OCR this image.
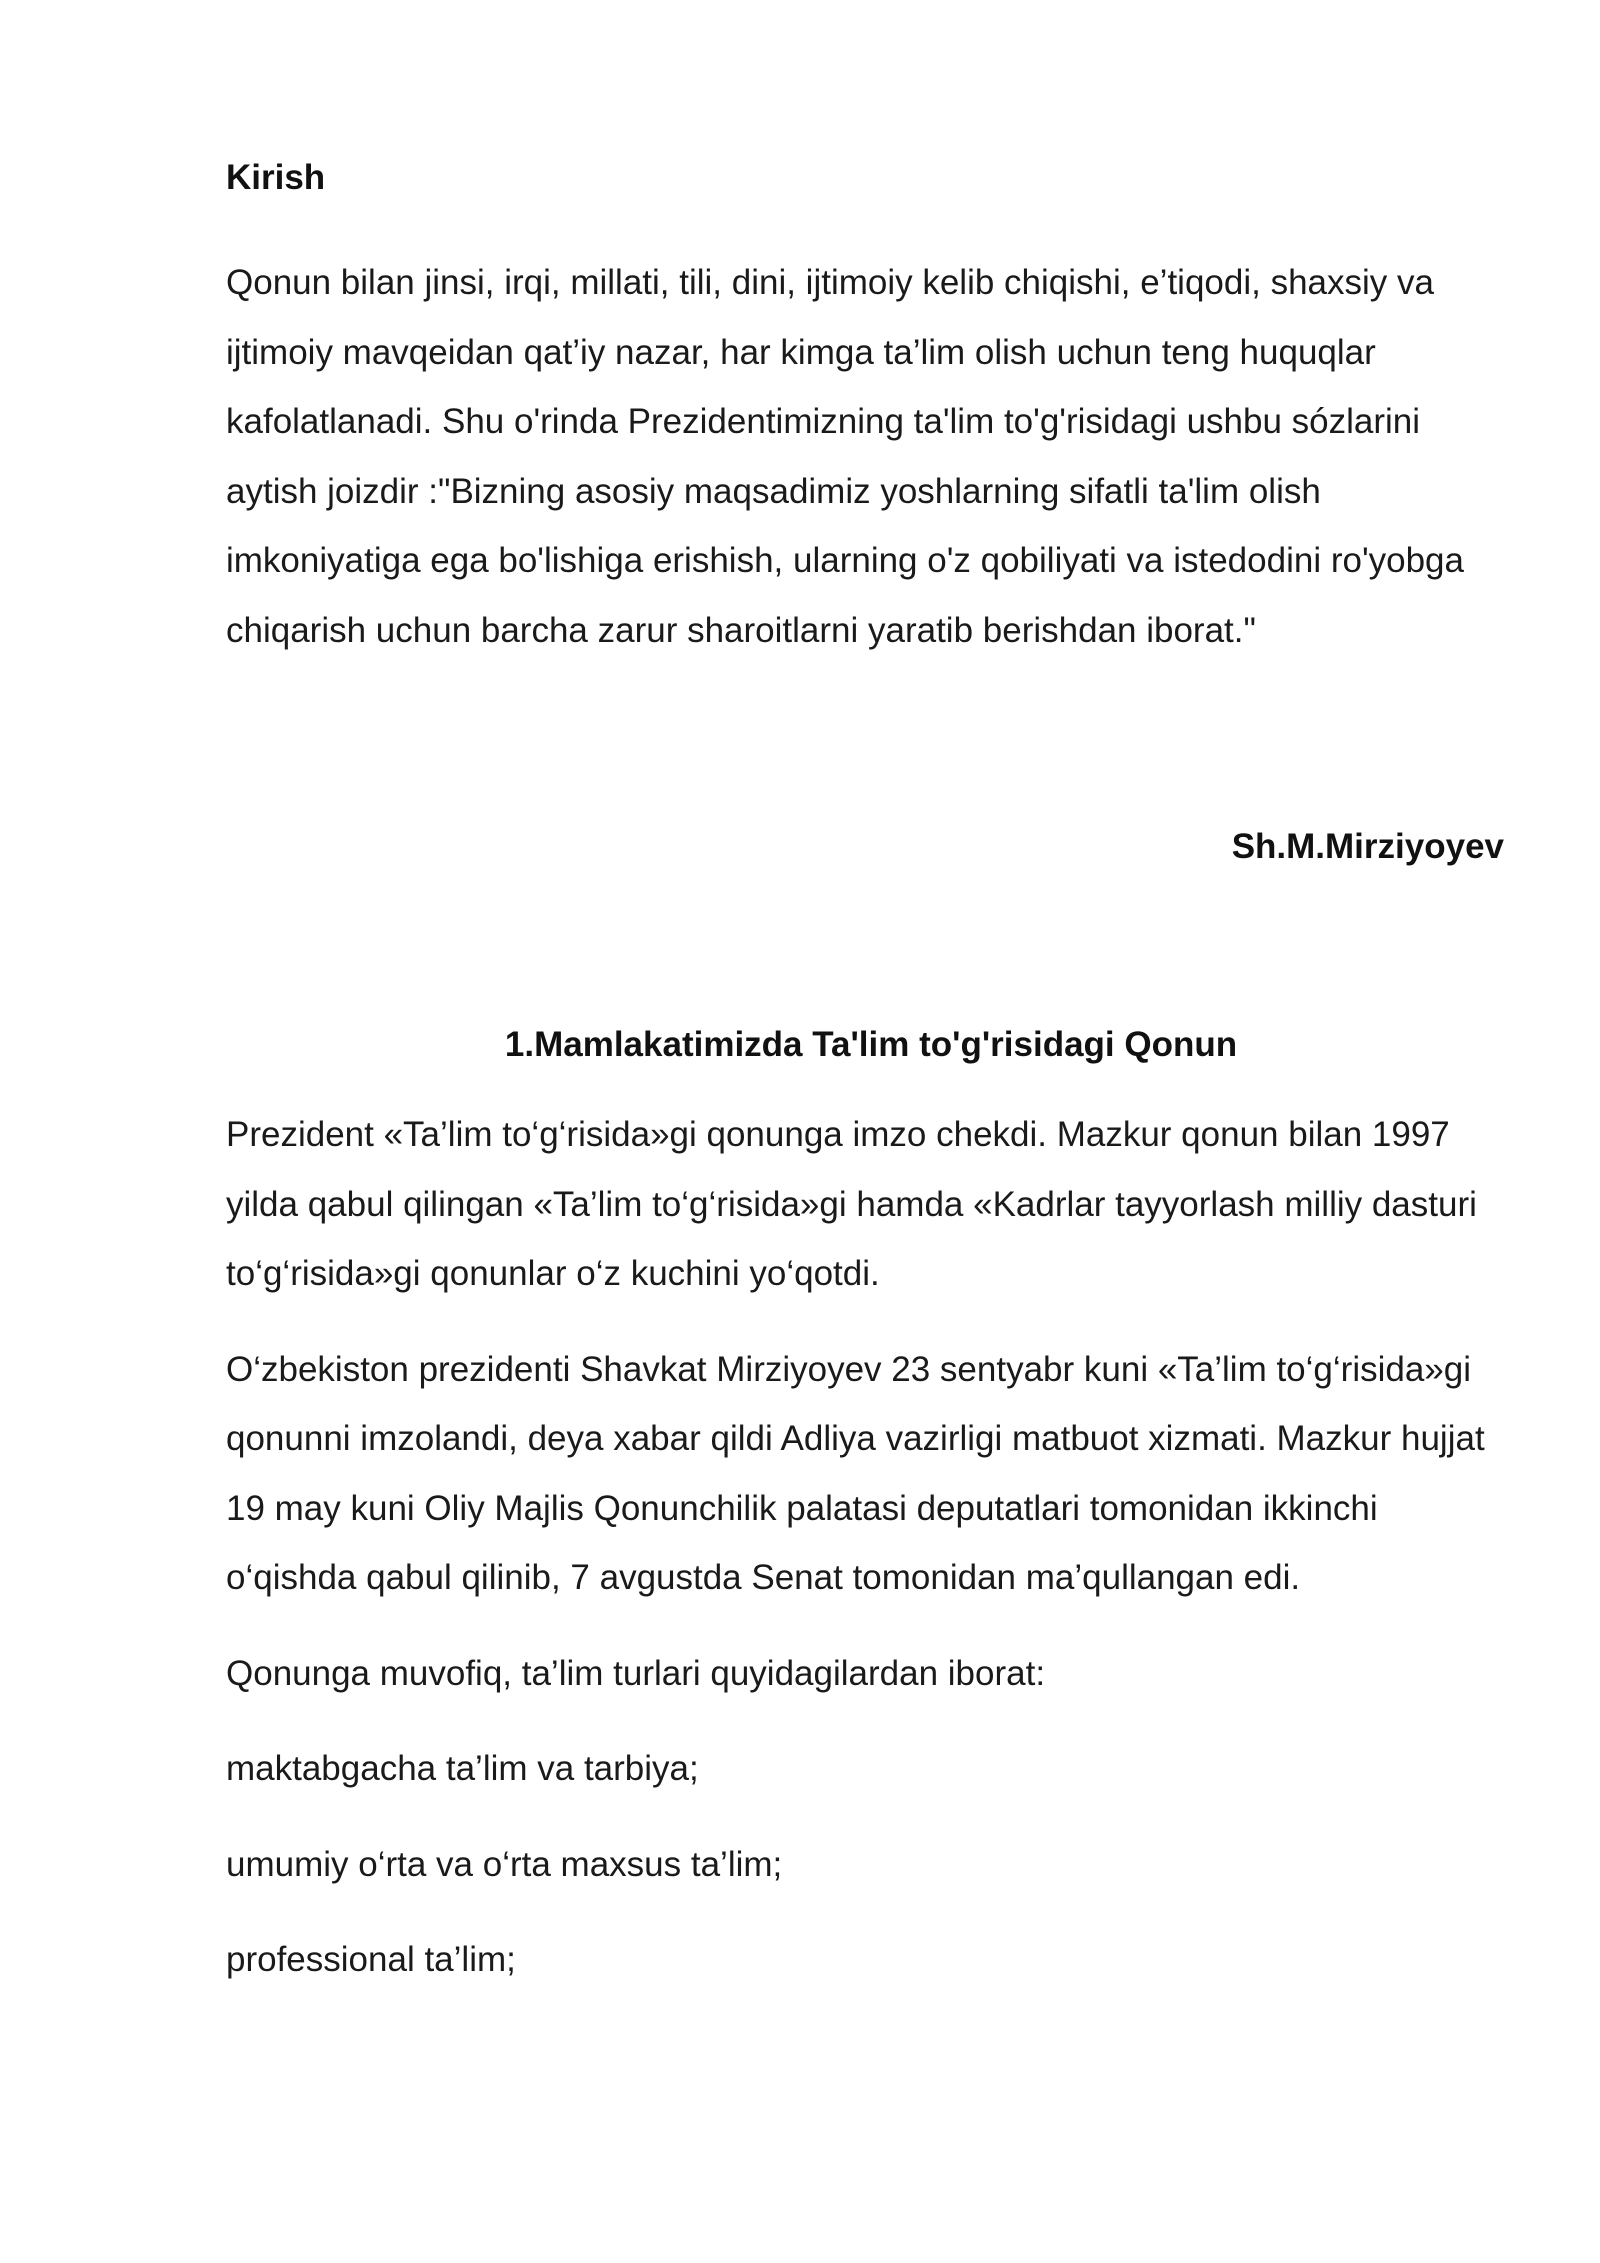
Kirish

Qonun bilan jinsi, irqi, millati, tili, dini, ijtimoiy kelib chiqishi, e’tiqodi, shaxsiy va ijtimoiy mavqeidan qat’iy nazar, har kimga ta’lim olish uchun teng huquqlar kafolatlanadi. Shu o'rinda Prezidentimizning ta'lim to'g'risidagi ushbu sózlarini aytish joizdir :"Bizning asosiy maqsadimiz yoshlarning sifatli ta'lim olish imkoniyatiga ega bo'lishiga erishish, ularning o'z qobiliyati va istedodini ro'yobga chiqarish uchun barcha zarur sharoitlarni yaratib berishdan iborat."

Sh.M.Mirziyoyev
1.Mamlakatimizda Ta'lim to'g'risidagi Qonun

Prezident «Ta’lim to‘g‘risida»gi qonunga imzo chekdi. Mazkur qonun bilan 1997 yilda qabul qilingan «Ta’lim to‘g‘risida»gi hamda «Kadrlar tayyorlash milliy dasturi to‘g‘risida»gi qonunlar o‘z kuchini yo‘qotdi.

O‘zbekiston prezidenti Shavkat Mirziyoyev 23 sentyabr kuni «Ta’lim to‘g‘risida»gi qonunni imzolandi, deya xabar qildi Adliya vazirligi matbuot xizmati. Mazkur hujjat 19 may kuni Oliy Majlis Qonunchilik palatasi deputatlari tomonidan ikkinchi o‘qishda qabul qilinib, 7 avgustda Senat tomonidan ma’qullangan edi.

Qonunga muvofiq, ta’lim turlari quyidagilardan iborat:

maktabgacha ta’lim va tarbiya;

umumiy o‘rta va o‘rta maxsus ta’lim;

professional ta’lim;
